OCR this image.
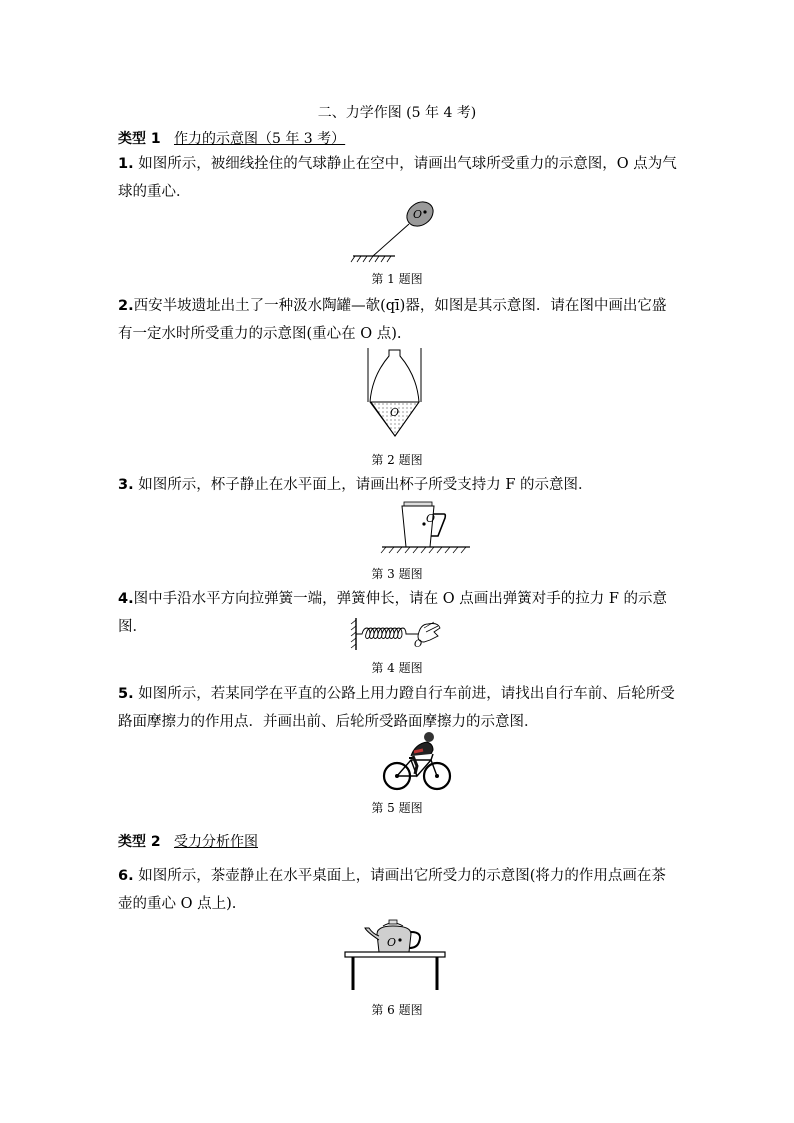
二、力学作图 (5 年 4 考)
类型 1 作力的示意图（5 年 3 考）
1. 如图所示，被细线拴住的气球静止在空中，请画出气球所受重力的示意图，O 点为气球的重心．
O
第 1 题图
2.西安半坡遗址出土了一种汲水陶罐—欹(qī)器，如图是其示意图．请在图中画出它盛有一定水时所受重力的示意图(重心在 O 点).
O
第 2 题图
3. 如图所示，杯子静止在水平面上，请画出杯子所受支持力 F 的示意图．
O
第 3 题图
4.图中手沿水平方向拉弹簧一端，弹簧伸长，请在 O 点画出弹簧对手的拉力 F 的示意图．
O
第 4 题图
5. 如图所示，若某同学在平直的公路上用力蹬自行车前进，请找出自行车前、后轮所受路面摩擦力的作用点．并画出前、后轮所受路面摩擦力的示意图．
第 5 题图
类型 2 受力分析作图
6. 如图所示，茶壶静止在水平桌面上，请画出它所受力的示意图(将力的作用点画在茶壶的重心 O 点上).
O
第 6 题图
